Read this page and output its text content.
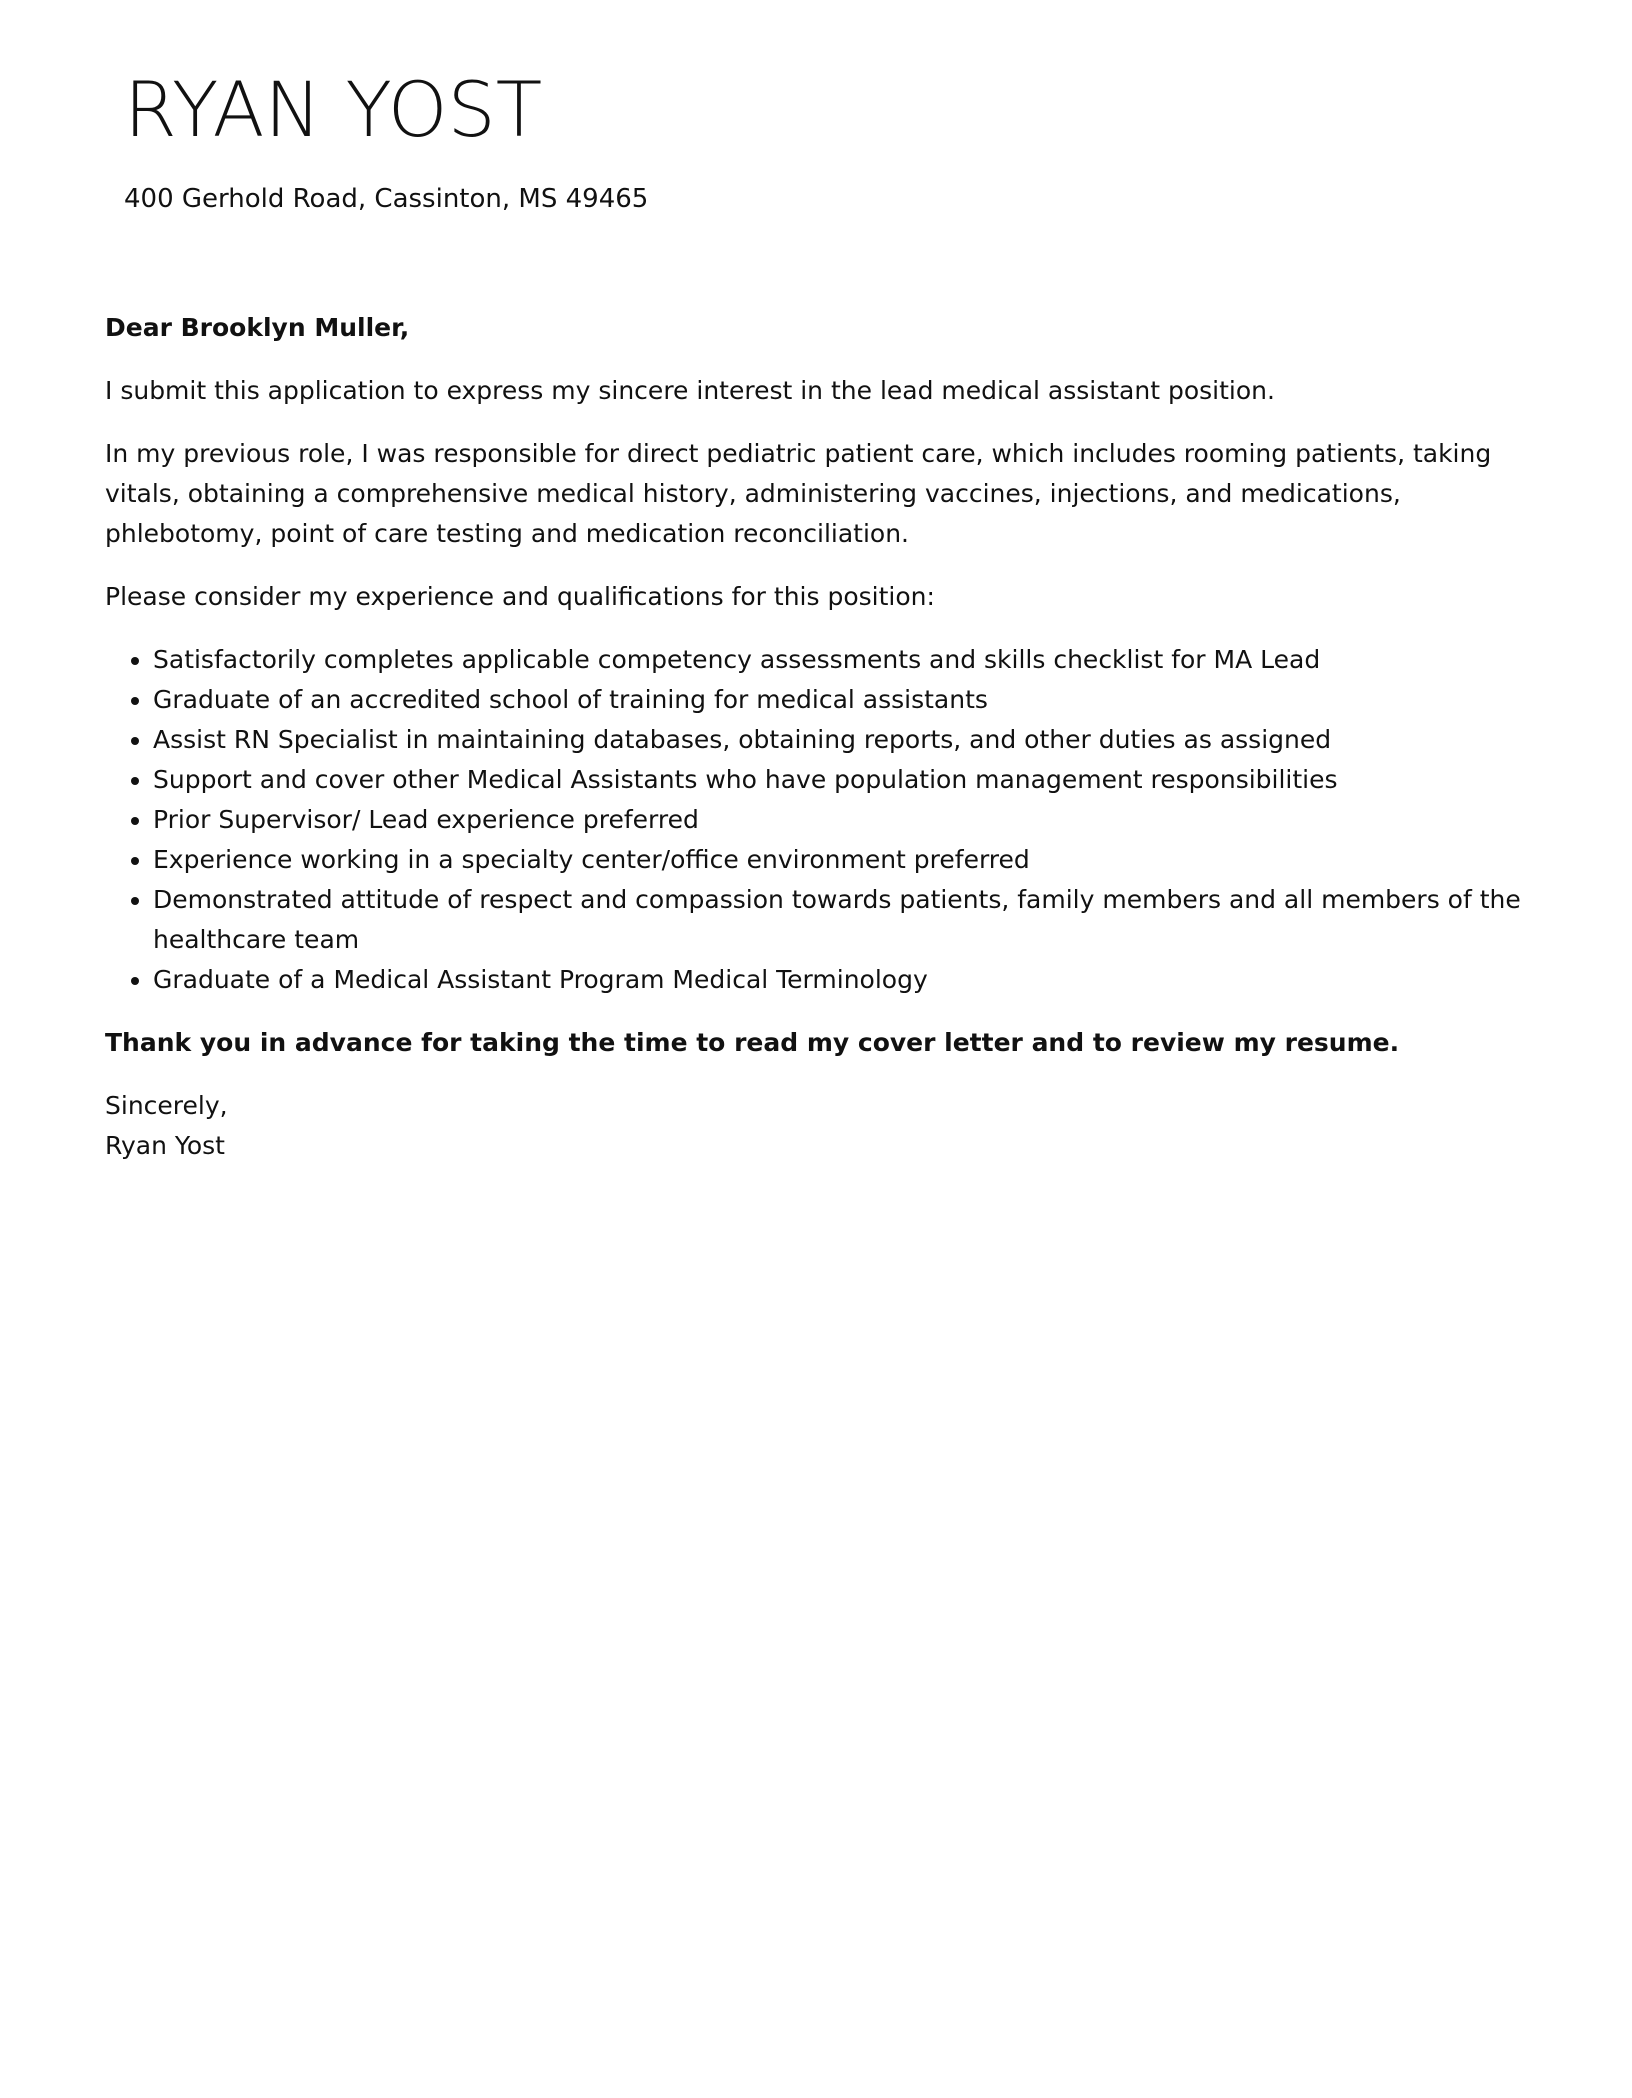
RYAN YOST
400 Gerhold Road, Cassinton, MS 49465

Dear Brooklyn Muller,

I submit this application to express my sincere interest in the lead medical assistant position.

In my previous role, I was responsible for direct pediatric patient care, which includes rooming patients, taking vitals, obtaining a comprehensive medical history, administering vaccines, injections, and medications, phlebotomy, point of care testing and medication reconciliation.

Please consider my experience and qualifications for this position:

• Satisfactorily completes applicable competency assessments and skills checklist for MA Lead
• Graduate of an accredited school of training for medical assistants
• Assist RN Specialist in maintaining databases, obtaining reports, and other duties as assigned
• Support and cover other Medical Assistants who have population management responsibilities
• Prior Supervisor/ Lead experience preferred
• Experience working in a specialty center/office environment preferred
• Demonstrated attitude of respect and compassion towards patients, family members and all members of the healthcare team
• Graduate of a Medical Assistant Program Medical Terminology

Thank you in advance for taking the time to read my cover letter and to review my resume.

Sincerely,

Ryan Yost
